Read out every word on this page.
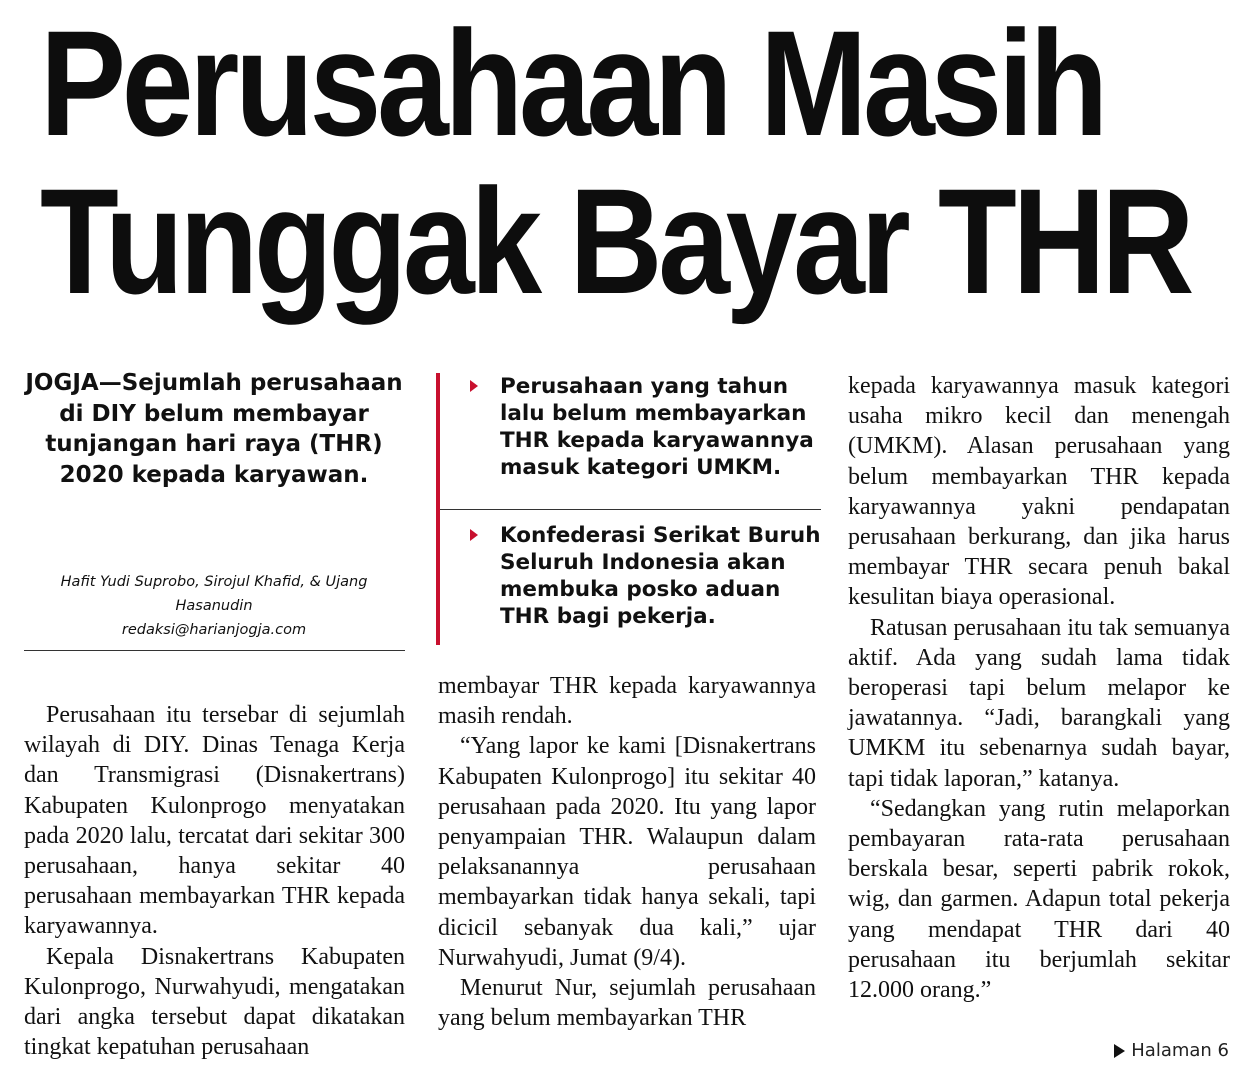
Perusahaan Masih
Tunggak Bayar THR
JOGJA—Sejumlah perusahaan di DIY belum membayar tunjangan hari raya (THR) 2020 kepada karyawan.
Hafit Yudi Suprobo, Sirojul Khafid, & Ujang Hasanudin
redaksi@harianjogja.com

Perusahaan itu tersebar di sejumlah wilayah di DIY. Dinas Tenaga Kerja dan Transmigrasi (Disnakertrans) Kabupaten Kulonprogo menyatakan pada 2020 lalu, tercatat dari sekitar 300 perusahaan, hanya sekitar 40 perusahaan membayarkan THR kepada karyawannya.

Kepala Disnakertrans Kabupaten Kulonprogo, Nurwahyudi, mengatakan dari angka tersebut dapat dikatakan tingkat kepatuhan perusahaan

Perusahaan yang tahun lalu belum membayarkan THR kepada karyawannya masuk kategori UMKM.
Konfederasi Serikat Buruh Seluruh Indonesia akan membuka posko aduan THR bagi pekerja.

membayar THR kepada karyawannya masih rendah.

“Yang lapor ke kami [Disnakertrans Kabupaten Kulonprogo] itu sekitar 40 perusahaan pada 2020. Itu yang lapor penyampaian THR. Walaupun dalam pelaksanannya perusahaan membayarkan tidak hanya sekali, tapi dicicil sebanyak dua kali,” ujar Nurwahyudi, Jumat (9/4).

Menurut Nur, sejumlah perusahaan yang belum membayarkan THR

kepada karyawannya masuk kategori usaha mikro kecil dan menengah (UMKM). Alasan perusahaan yang belum membayarkan THR kepada karyawannya yakni pendapatan perusahaan berkurang, dan jika harus membayar THR secara penuh bakal kesulitan biaya operasional.

Ratusan perusahaan itu tak semuanya aktif. Ada yang sudah lama tidak beroperasi tapi belum melapor ke jawatannya. “Jadi, barangkali yang UMKM itu sebenarnya sudah bayar, tapi tidak laporan,” katanya.

“Sedangkan yang rutin melaporkan pembayaran rata-rata perusahaan berskala besar, seperti pabrik rokok, wig, dan garmen. Adapun total pekerja yang mendapat THR dari 40 perusahaan itu berjumlah sekitar 12.000 orang.”

Halaman 6
